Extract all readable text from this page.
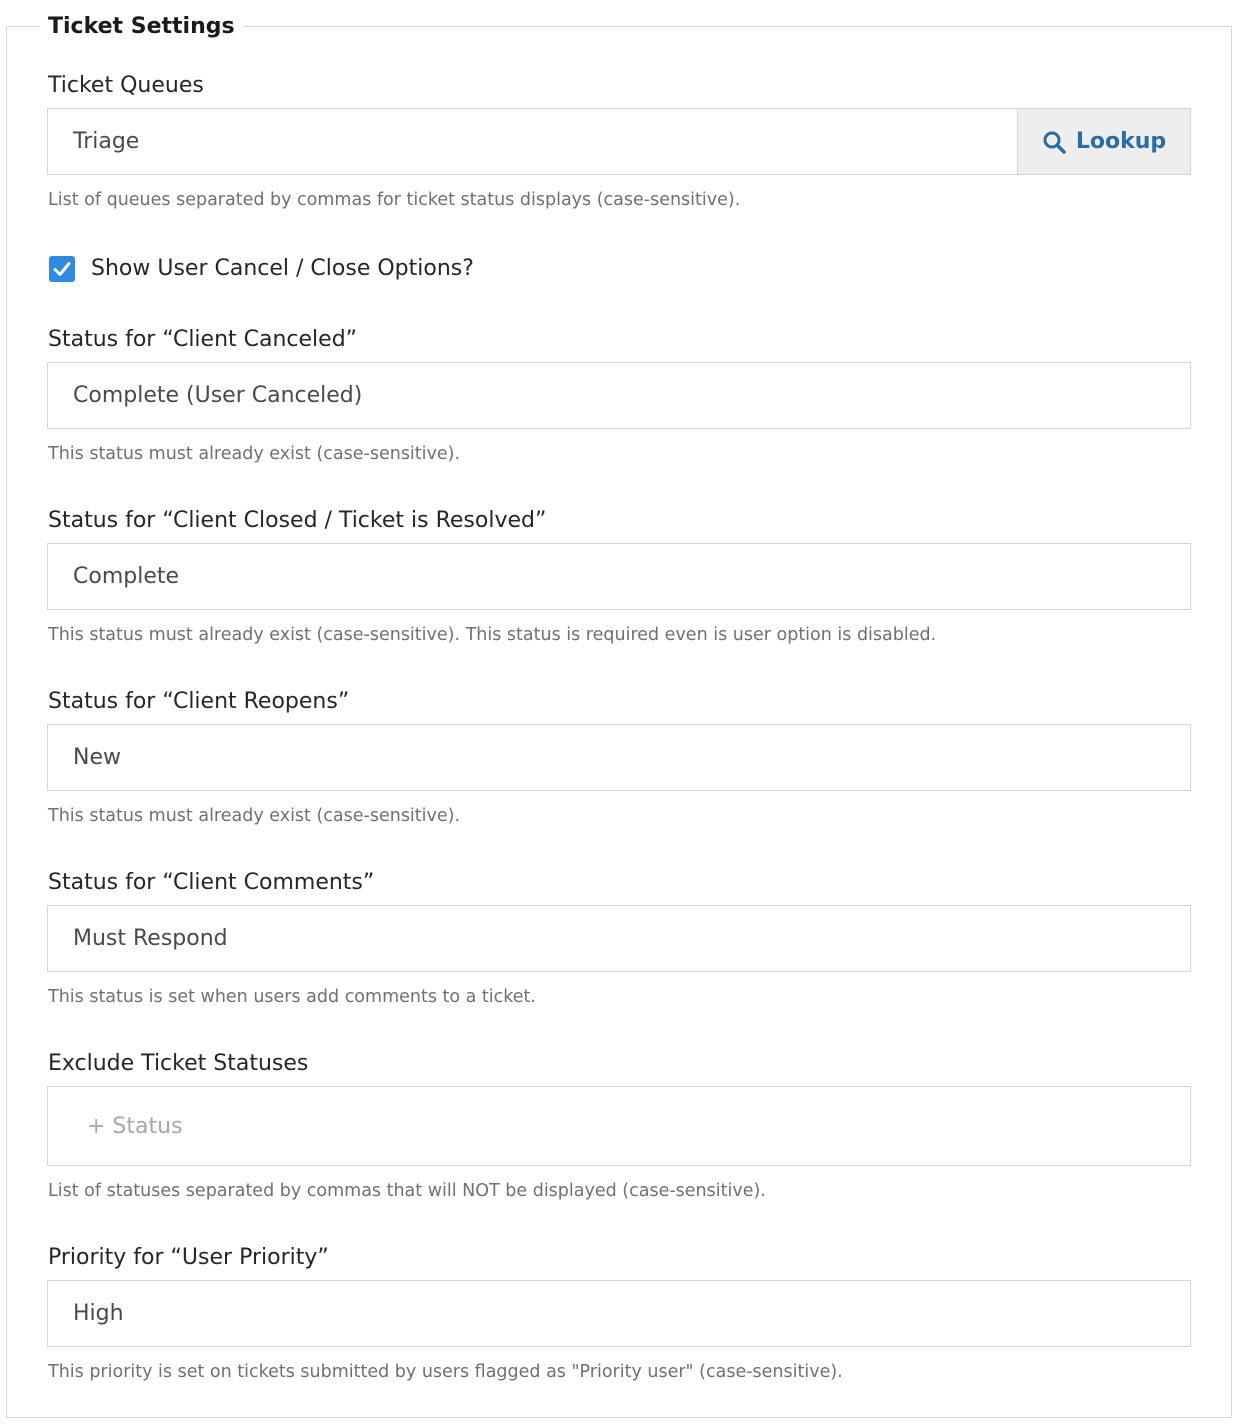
Ticket Settings
Ticket Queues
Triage
Lookup
List of queues separated by commas for ticket status displays (case-sensitive).
Show User Cancel / Close Options?
Status for “Client Canceled”
Complete (User Canceled)
This status must already exist (case-sensitive).
Status for “Client Closed / Ticket is Resolved”
Complete
This status must already exist (case-sensitive). This status is required even is user option is disabled.
Status for “Client Reopens”
New
This status must already exist (case-sensitive).
Status for “Client Comments”
Must Respond
This status is set when users add comments to a ticket.
Exclude Ticket Statuses
+ Status
List of statuses separated by commas that will NOT be displayed (case-sensitive).
Priority for “User Priority”
High
This priority is set on tickets submitted by users flagged as "Priority user" (case-sensitive).
